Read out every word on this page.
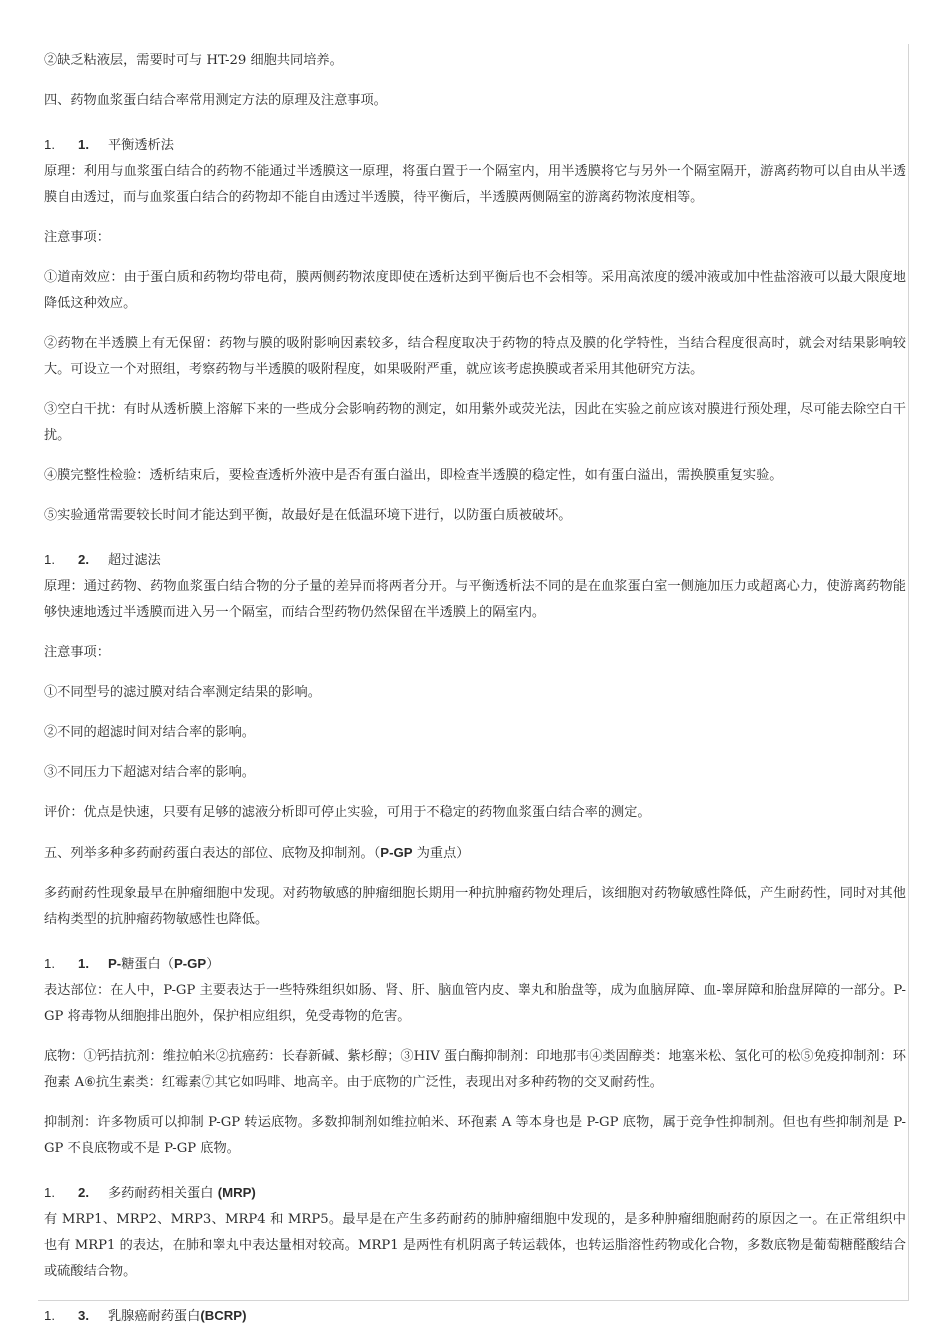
②缺乏粘液层，需要时可与 HT-29 细胞共同培养。

四、药物血浆蛋白结合率常用测定方法的原理及注意事项。

1. 1. 平衡透析法

原理：利用与血浆蛋白结合的药物不能通过半透膜这一原理，将蛋白置于一个隔室内，用半透膜将它与另外一个隔室隔开，游离药物可以自由从半透膜自由透过，而与血浆蛋白结合的药物却不能自由透过半透膜，待平衡后，半透膜两侧隔室的游离药物浓度相等。

注意事项：

①道南效应：由于蛋白质和药物均带电荷，膜两侧药物浓度即使在透析达到平衡后也不会相等。采用高浓度的缓冲液或加中性盐溶液可以最大限度地降低这种效应。

②药物在半透膜上有无保留：药物与膜的吸附影响因素较多，结合程度取决于药物的特点及膜的化学特性，当结合程度很高时，就会对结果影响较大。可设立一个对照组，考察药物与半透膜的吸附程度，如果吸附严重，就应该考虑换膜或者采用其他研究方法。

③空白干扰：有时从透析膜上溶解下来的一些成分会影响药物的测定，如用紫外或荧光法，因此在实验之前应该对膜进行预处理，尽可能去除空白干扰。

④膜完整性检验：透析结束后，要检查透析外液中是否有蛋白溢出，即检查半透膜的稳定性，如有蛋白溢出，需换膜重复实验。

⑤实验通常需要较长时间才能达到平衡，故最好是在低温环境下进行，以防蛋白质被破坏。

1. 2. 超过滤法

原理：通过药物、药物血浆蛋白结合物的分子量的差异而将两者分开。与平衡透析法不同的是在血浆蛋白室一侧施加压力或超离心力，使游离药物能够快速地透过半透膜而进入另一个隔室，而结合型药物仍然保留在半透膜上的隔室内。

注意事项：

①不同型号的滤过膜对结合率测定结果的影响。

②不同的超滤时间对结合率的影响。

③不同压力下超滤对结合率的影响。

评价：优点是快速，只要有足够的滤液分析即可停止实验，可用于不稳定的药物血浆蛋白结合率的测定。

五、列举多种多药耐药蛋白表达的部位、底物及抑制剂。（P-GP 为重点）

多药耐药性现象最早在肿瘤细胞中发现。对药物敏感的肿瘤细胞长期用一种抗肿瘤药物处理后，该细胞对药物敏感性降低，产生耐药性，同时对其他结构类型的抗肿瘤药物敏感性也降低。

1. 1. P-糖蛋白（P-GP）

表达部位：在人中，P-GP 主要表达于一些特殊组织如肠、肾、肝、脑血管内皮、睾丸和胎盘等，成为血脑屏障、血-睾屏障和胎盘屏障的一部分。P-GP 将毒物从细胞排出胞外，保护相应组织，免受毒物的危害。

底物：①钙拮抗剂：维拉帕米②抗癌药：长春新碱、紫杉醇；③HIV 蛋白酶抑制剂：印地那韦④类固醇类：地塞米松、氢化可的松⑤免疫抑制剂：环孢素 A⑥抗生素类：红霉素⑦其它如吗啡、地高辛。由于底物的广泛性，表现出对多种药物的交叉耐药性。

抑制剂：许多物质可以抑制 P-GP 转运底物。多数抑制剂如维拉帕米、环孢素 A 等本身也是 P-GP 底物，属于竞争性抑制剂。但也有些抑制剂是 P-GP 不良底物或不是 P-GP 底物。

1. 2. 多药耐药相关蛋白 (MRP)

有 MRP1、MRP2、MRP3、MRP4 和 MRP5。最早是在产生多药耐药的肺肿瘤细胞中发现的，是多种肿瘤细胞耐药的原因之一。在正常组织中也有 MRP1 的表达，在肺和睾丸中表达量相对较高。MRP1 是两性有机阴离子转运载体，也转运脂溶性药物或化合物，多数底物是葡萄糖醛酸结合或硫酸结合物。

1. 3. 乳腺癌耐药蛋白(BCRP)
